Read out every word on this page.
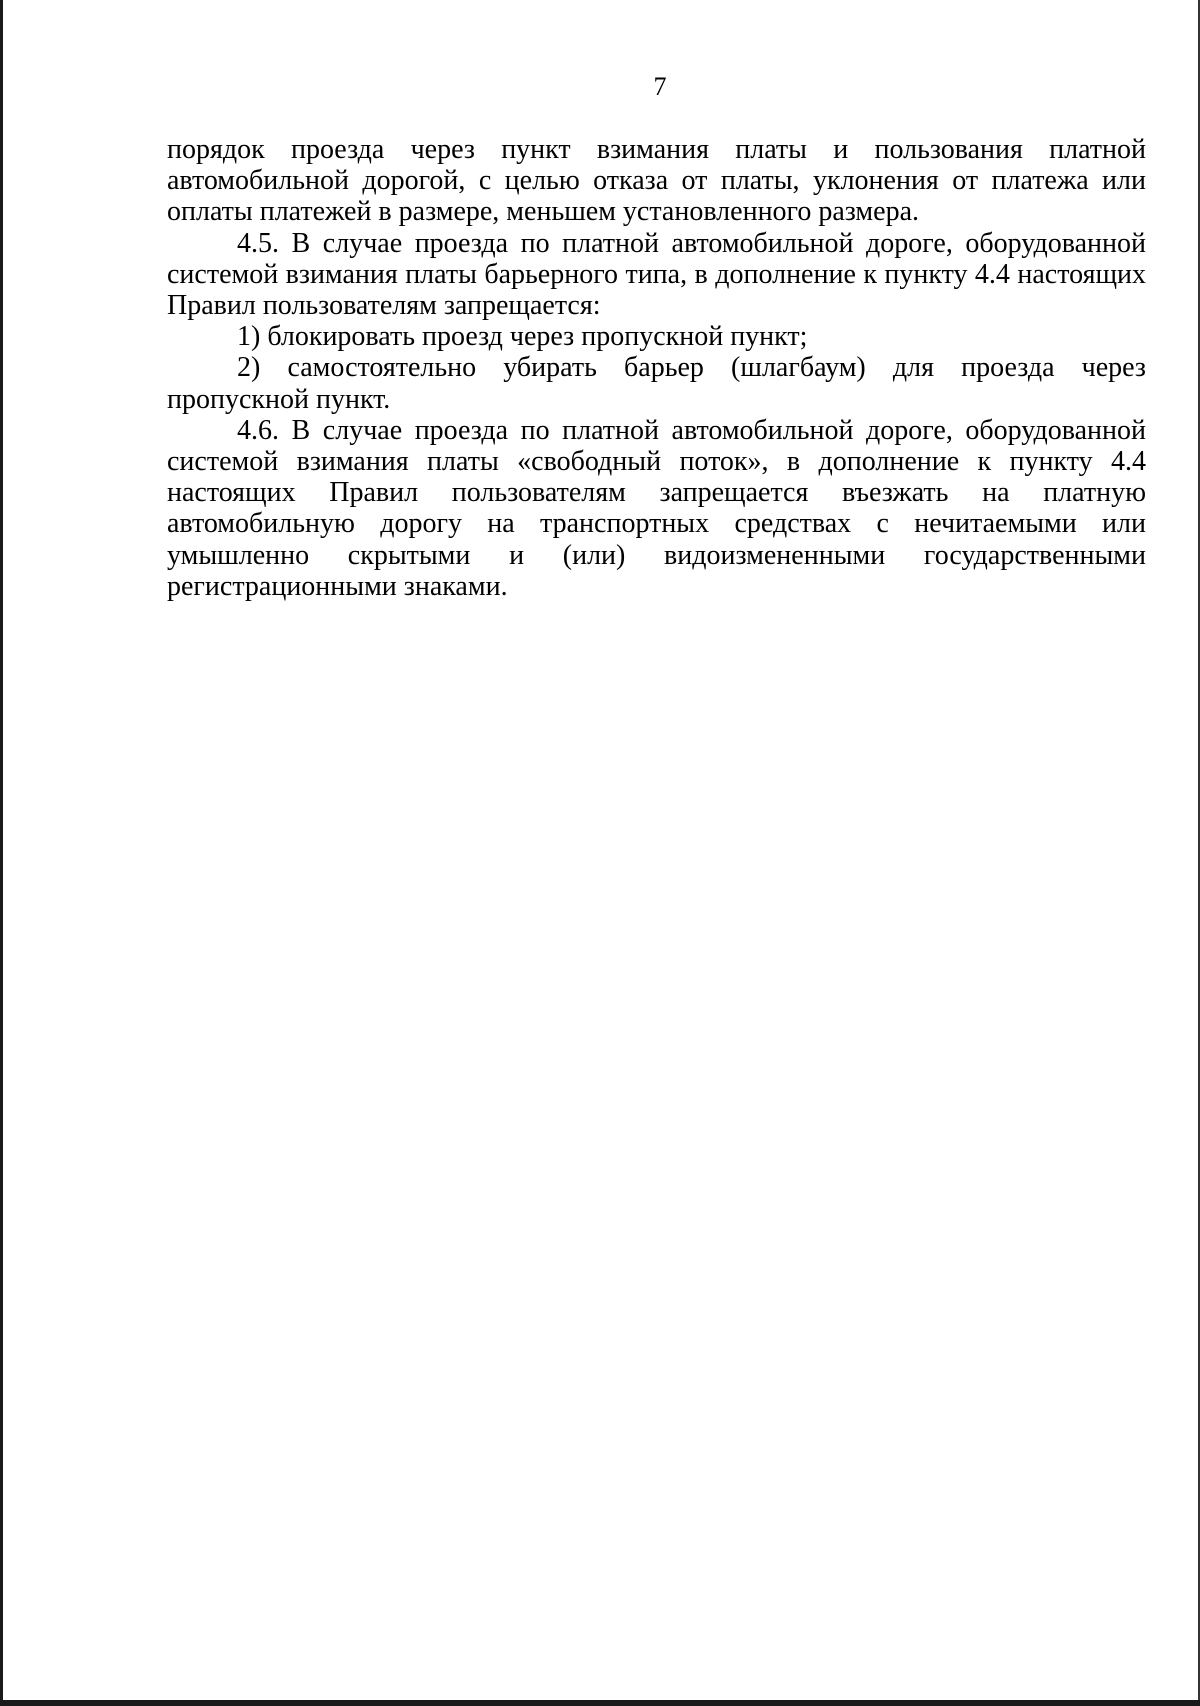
7

порядок проезда через пункт взимания платы и пользования платной автомобильной дорогой, с целью отказа от платы, уклонения от платежа или оплаты платежей в размере, меньшем установленного размера.

4.5. В случае проезда по платной автомобильной дороге, оборудованной системой взимания платы барьерного типа, в дополнение к пункту 4.4 настоящих Правил пользователям запрещается:

1) блокировать проезд через пропускной пункт;

2) самостоятельно убирать барьер (шлагбаум) для проезда через пропускной пункт.

4.6. В случае проезда по платной автомобильной дороге, оборудованной системой взимания платы «свободный поток», в дополнение к пункту 4.4 настоящих Правил пользователям запрещается въезжать на платную автомобильную дорогу на транспортных средствах с нечитаемыми или умышленно скрытыми и (или) видоизмененными государственными регистрационными знаками.
